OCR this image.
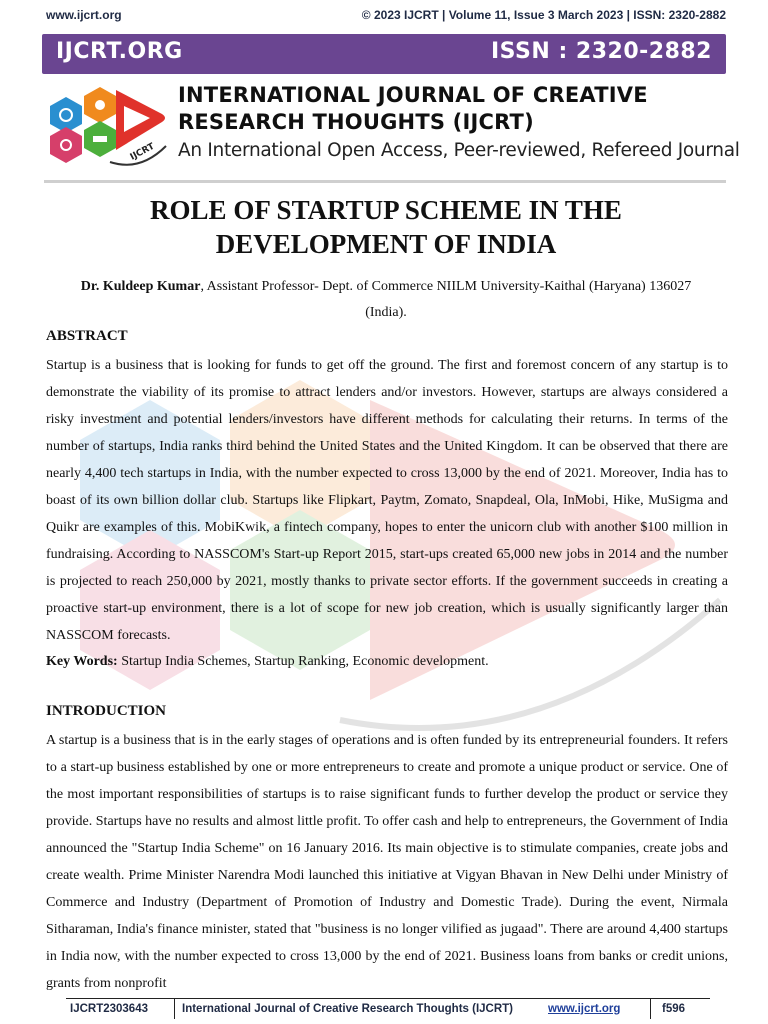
www.ijcrt.org	© 2023 IJCRT | Volume 11, Issue 3 March 2023 | ISSN: 2320-2882
IJCRT.ORG	ISSN : 2320-2882
IJCRT
INTERNATIONAL JOURNAL OF CREATIVE
RESEARCH THOUGHTS (IJCRT)
An International Open Access, Peer-reviewed, Refereed Journal
ROLE OF STARTUP SCHEME IN THE
DEVELOPMENT OF INDIA
Dr. Kuldeep Kumar, Assistant Professor- Dept. of Commerce NIILM University-Kaithal (Haryana) 136027
(India).
ABSTRACT

Startup is a business that is looking for funds to get off the ground. The first and foremost concern of any startup is to demonstrate the viability of its promise to attract lenders and/or investors. However, startups are always considered a risky investment and potential lenders/investors have different methods for calculating their returns. In terms of the number of startups, India ranks third behind the United States and the United Kingdom. It can be observed that there are nearly 4,400 tech startups in India, with the number expected to cross 13,000 by the end of 2021. Moreover, India has to boast of its own billion dollar club. Startups like Flipkart, Paytm, Zomato, Snapdeal, Ola, InMobi, Hike, MuSigma and Quikr are examples of this. MobiKwik, a fintech company, hopes to enter the unicorn club with another $100 million in fundraising. According to NASSCOM's Start-up Report 2015, start-ups created 65,000 new jobs in 2014 and the number is projected to reach 250,000 by 2021, mostly thanks to private sector efforts. If the government succeeds in creating a proactive start-up environment, there is a lot of scope for new job creation, which is usually significantly larger than NASSCOM forecasts.

Key Words: Startup India Schemes, Startup Ranking, Economic development.
INTRODUCTION

A startup is a business that is in the early stages of operations and is often funded by its entrepreneurial founders. It refers to a start-up business established by one or more entrepreneurs to create and promote a unique product or service. One of the most important responsibilities of startups is to raise significant funds to further develop the product or service they provide. Startups have no results and almost little profit. To offer cash and help to entrepreneurs, the Government of India announced the "Startup India Scheme" on 16 January 2016. Its main objective is to stimulate companies, create jobs and create wealth. Prime Minister Narendra Modi launched this initiative at Vigyan Bhavan in New Delhi under Ministry of Commerce and Industry (Department of Promotion of Industry and Domestic Trade). During the event, Nirmala Sitharaman, India's finance minister, stated that "business is no longer vilified as jugaad". There are around 4,400 startups in India now, with the number expected to cross 13,000 by the end of 2021. Business loans from banks or credit unions, grants from nonprofit

IJCRT2303643	International Journal of Creative Research Thoughts (IJCRT)	www.ijcrt.org	f596
